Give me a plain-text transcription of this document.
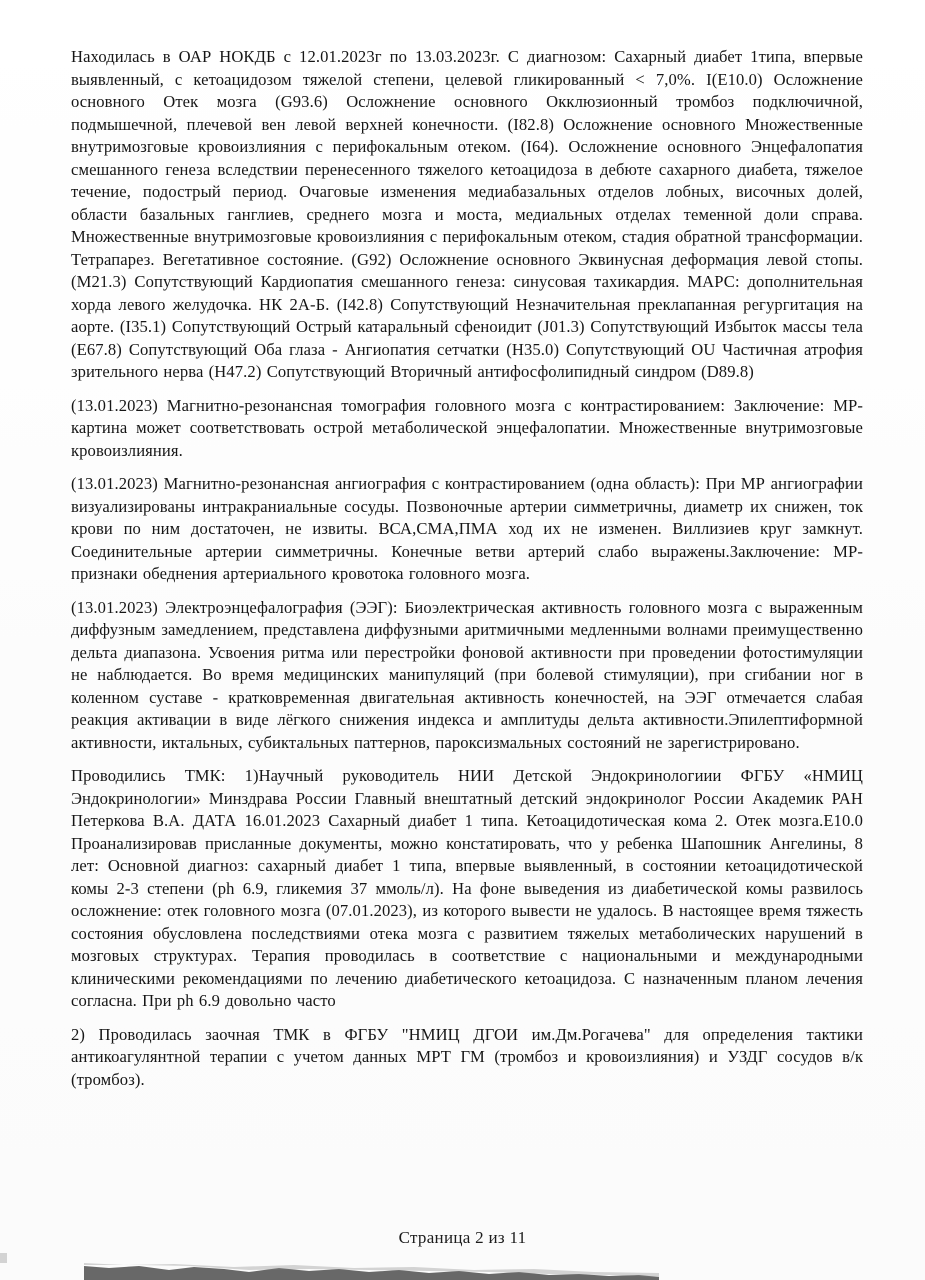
Находилась в ОАР НОКДБ с 12.01.2023г по 13.03.2023г. С диагнозом: Сахарный диабет 1типа, впервые выявленный, с кетоацидозом тяжелой степени, целевой гликированный < 7,0%. I(E10.0) Осложнение основного Отек мозга (G93.6) Осложнение основного Окклюзионный тромбоз подключичной, подмышечной, плечевой вен левой верхней конечности. (I82.8) Осложнение основного Множественные внутримозговые кровоизлияния с перифокальным отеком. (I64). Осложнение основного Энцефалопатия смешанного генеза вследствии перенесенного тяжелого кетоацидоза в дебюте сахарного диабета, тяжелое течение, подострый период. Очаговые изменения медиабазальных отделов лобных, височных долей, области базальных ганглиев, среднего мозга и моста, медиальных отделах теменной доли справа. Множественные внутримозговые кровоизлияния с перифокальным отеком, стадия обратной трансформации. Тетрапарез. Вегетативное состояние. (G92) Осложнение основного Эквинусная деформация левой стопы. (М21.3) Сопутствующий Кардиопатия смешанного генеза: синусовая тахикардия. МАРС: дополнительная хорда левого желудочка. НК 2А-Б. (I42.8) Сопутствующий Незначительная преклапанная регургитация на аорте. (I35.1) Сопутствующий Острый катаральный сфеноидит (J01.3) Сопутствующий Избыток массы тела (Е67.8) Сопутствующий Оба глаза - Ангиопатия сетчатки (Н35.0) Сопутствующий OU Частичная атрофия зрительного нерва (Н47.2) Сопутствующий Вторичный антифосфолипидный синдром (D89.8)

(13.01.2023) Магнитно-резонансная томография головного мозга с контрастированием: Заключение: МР-картина может соответствовать острой метаболической энцефалопатии. Множественные внутримозговые кровоизлияния.

(13.01.2023) Магнитно-резонансная ангиография с контрастированием (одна область): При МР ангиографии визуализированы интракраниальные сосуды. Позвоночные артерии симметричны, диаметр их снижен, ток крови по ним достаточен, не извиты. ВСА,СМА,ПМА ход их не изменен. Виллизиев круг замкнут. Соединительные артерии симметричны. Конечные ветви артерий слабо выражены.Заключение: МР-признаки обеднения артериального кровотока головного мозга.

(13.01.2023) Электроэнцефалография (ЭЭГ): Биоэлектрическая активность головного мозга с выраженным диффузным замедлением, представлена диффузными аритмичными медленными волнами преимущественно дельта диапазона. Усвоения ритма или перестройки фоновой активности при проведении фотостимуляции не наблюдается. Во время медицинских манипуляций (при болевой стимуляции), при сгибании ног в коленном суставе - кратковременная двигательная активность конечностей, на ЭЭГ отмечается слабая реакция активации в виде лёгкого снижения индекса и амплитуды дельта активности.Эпилептиформной активности, иктальных, субиктальных паттернов, пароксизмальных состояний не зарегистрировано.

Проводились ТМК: 1)Научный руководитель НИИ Детской Эндокринологиии ФГБУ «НМИЦ Эндокринологии» Минздрава России Главный внештатный детский эндокринолог России Академик РАН Петеркова В.А. ДАТА 16.01.2023 Сахарный диабет 1 типа. Кетоацидотическая кома 2. Отек мозга.Е10.0 Проанализировав присланные документы, можно констатировать, что у ребенка Шапошник Ангелины, 8 лет: Основной диагноз: сахарный диабет 1 типа, впервые выявленный, в состоянии кетоацидотической комы 2-3 степени (ph 6.9, гликемия 37 ммоль/л). На фоне выведения из диабетической комы развилось осложнение: отек головного мозга (07.01.2023), из которого вывести не удалось. В настоящее время тяжесть состояния обусловлена последствиями отека мозга с развитием тяжелых метаболических нарушений в мозговых структурах. Терапия проводилась в соответствие с национальными и международными клиническими рекомендациями по лечению диабетического кетоацидоза. С назначенным планом лечения согласна. При ph 6.9 довольно часто

2) Проводилась заочная ТМК в ФГБУ "НМИЦ ДГОИ им.Дм.Рогачева" для определения тактики антикоагулянтной терапии с учетом данных МРТ ГМ (тромбоз и кровоизлияния) и УЗДГ сосудов в/к (тромбоз).

Страница 2 из 11
